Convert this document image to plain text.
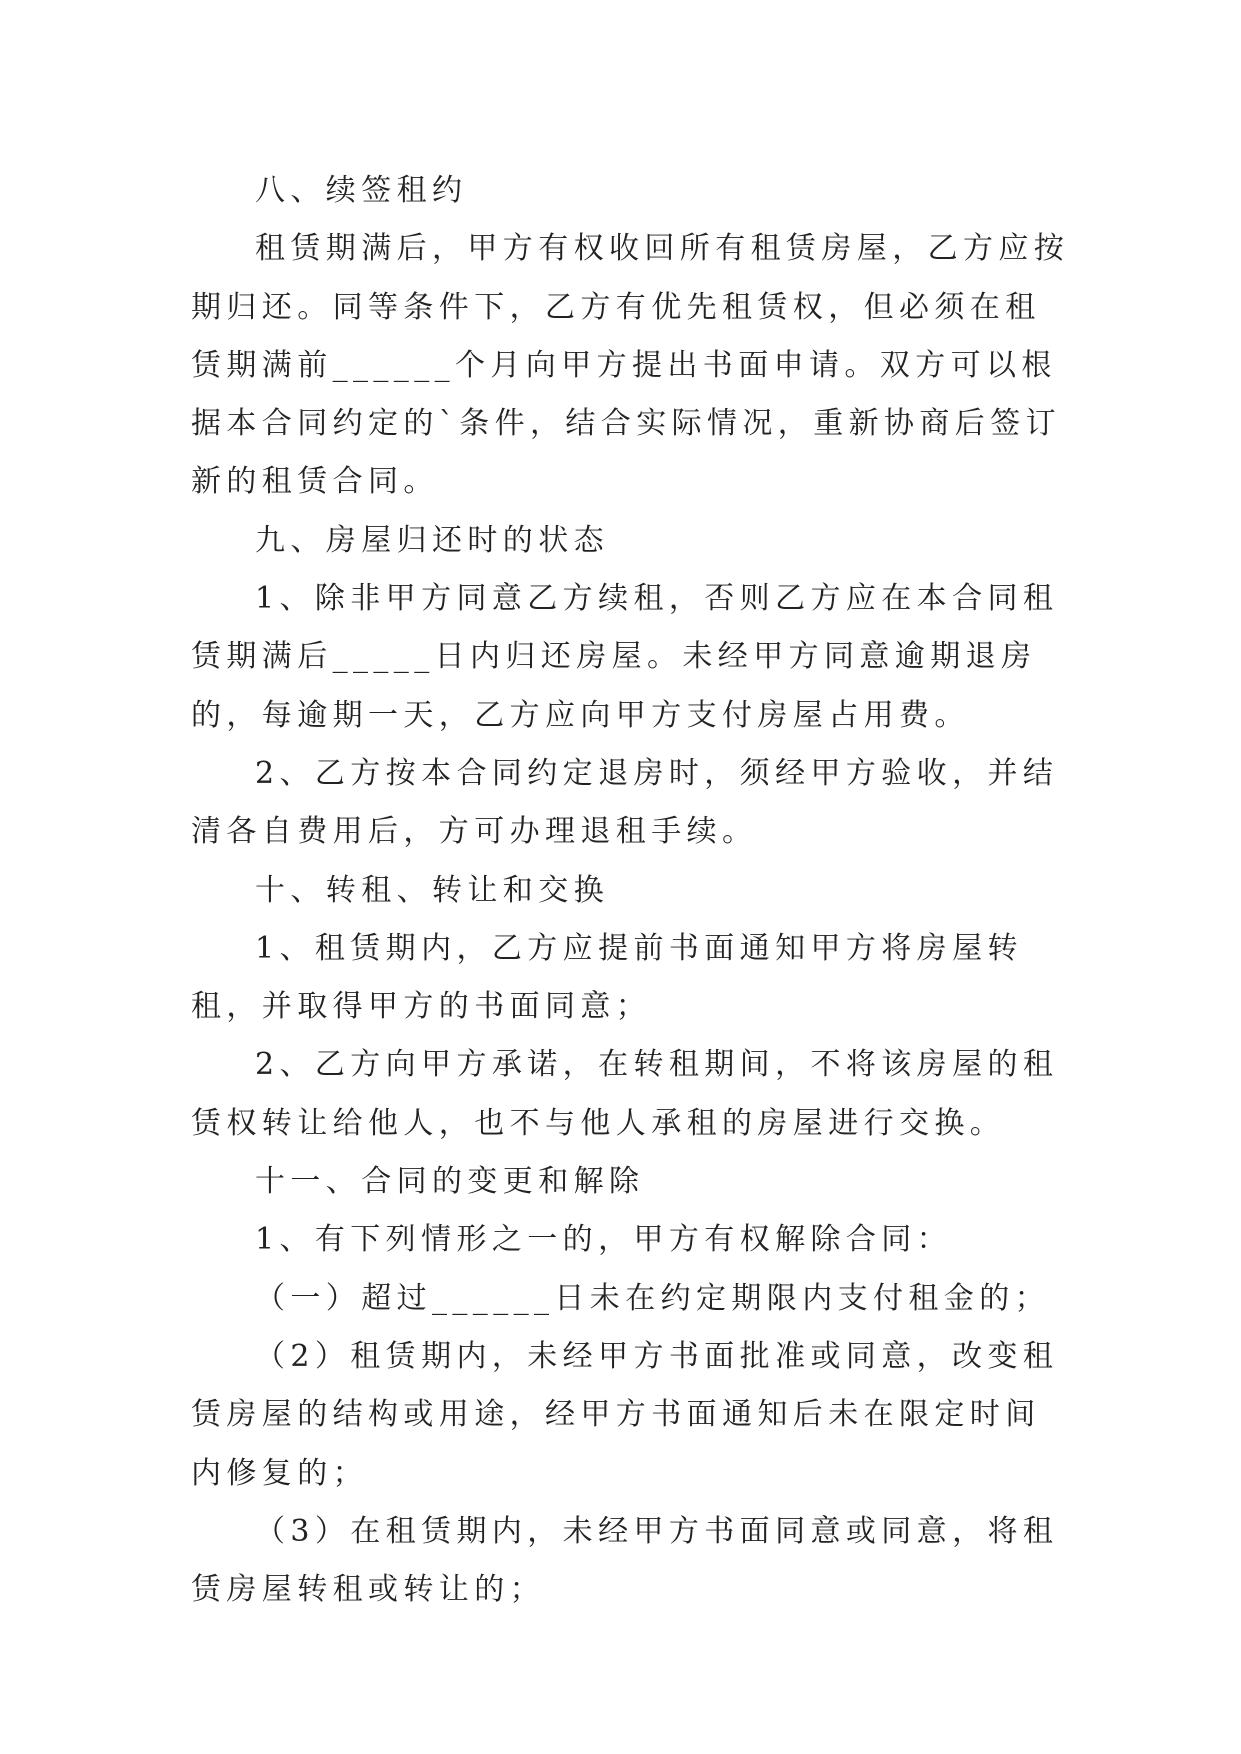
八、续签租约

租赁期满后，甲方有权收回所有租赁房屋，乙方应按期归还。同等条件下，乙方有优先租赁权，但必须在租赁期满前______个月向甲方提出书面申请。双方可以根据本合同约定的`条件，结合实际情况，重新协商后签订新的租赁合同。

九、房屋归还时的状态

1、除非甲方同意乙方续租，否则乙方应在本合同租赁期满后_____日内归还房屋。未经甲方同意逾期退房的，每逾期一天，乙方应向甲方支付房屋占用费。

2、乙方按本合同约定退房时，须经甲方验收，并结清各自费用后，方可办理退租手续。

十、转租、转让和交换

1、租赁期内，乙方应提前书面通知甲方将房屋转租，并取得甲方的书面同意；

2、乙方向甲方承诺，在转租期间，不将该房屋的租赁权转让给他人，也不与他人承租的房屋进行交换。

十一、合同的变更和解除

1、有下列情形之一的，甲方有权解除合同：

（一）超过______日未在约定期限内支付租金的；

（2）租赁期内，未经甲方书面批准或同意，改变租赁房屋的结构或用途，经甲方书面通知后未在限定时间内修复的；

（3）在租赁期内，未经甲方书面同意或同意，将租赁房屋转租或转让的；
